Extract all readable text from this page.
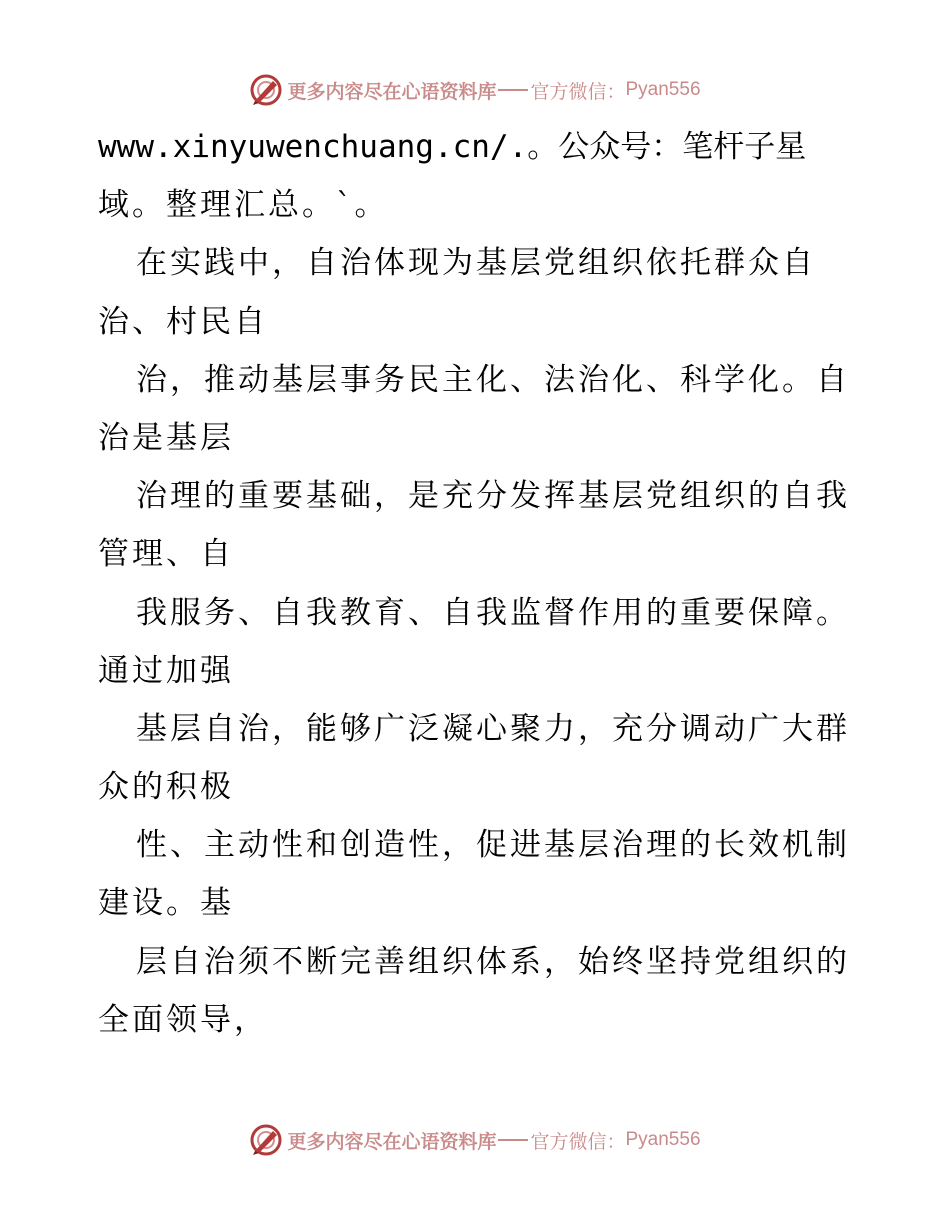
更多内容尽在心语资料库 官方微信： Pyan556
www.xinyuwenchuang.cn/.。公众号：笔杆子星
域。整理汇总。`。
在实践中，自治体现为基层党组织依托群众自
治、村民自
治，推动基层事务民主化、法治化、科学化。自
治是基层
治理的重要基础，是充分发挥基层党组织的自我
管理、自
我服务、自我教育、自我监督作用的重要保障。
通过加强
基层自治，能够广泛凝心聚力，充分调动广大群
众的积极
性、主动性和创造性，促进基层治理的长效机制
建设。基
层自治须不断完善组织体系，始终坚持党组织的
全面领导，
更多内容尽在心语资料库 官方微信： Pyan556
